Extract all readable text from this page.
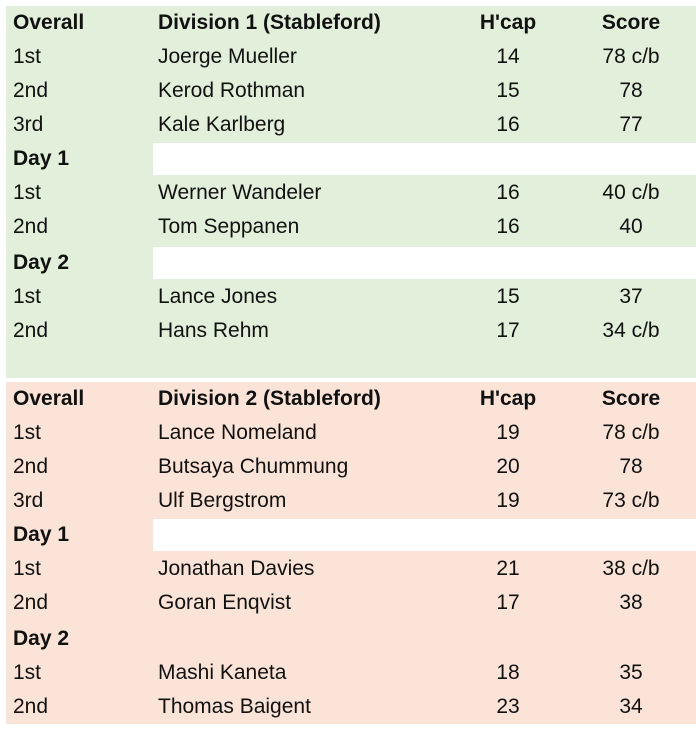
Overall	Division 1 (Stableford)	H'cap	Score
1st	Joerge Mueller	14	78 c/b
2nd	Kerod Rothman	15	78
3rd	Kale Karlberg	16	77
Day 1
1st	Werner Wandeler	16	40 c/b
2nd	Tom Seppanen	16	40
Day 2
1st	Lance Jones	15	37
2nd	Hans Rehm	17	34 c/b
Overall	Division 2 (Stableford)	H'cap	Score
1st	Lance Nomeland	19	78 c/b
2nd	Butsaya Chummung	20	78
3rd	Ulf Bergstrom	19	73 c/b
Day 1
1st	Jonathan Davies	21	38 c/b
2nd	Goran Enqvist	17	38
Day 2
1st	Mashi Kaneta	18	35
2nd	Thomas Baigent	23	34
